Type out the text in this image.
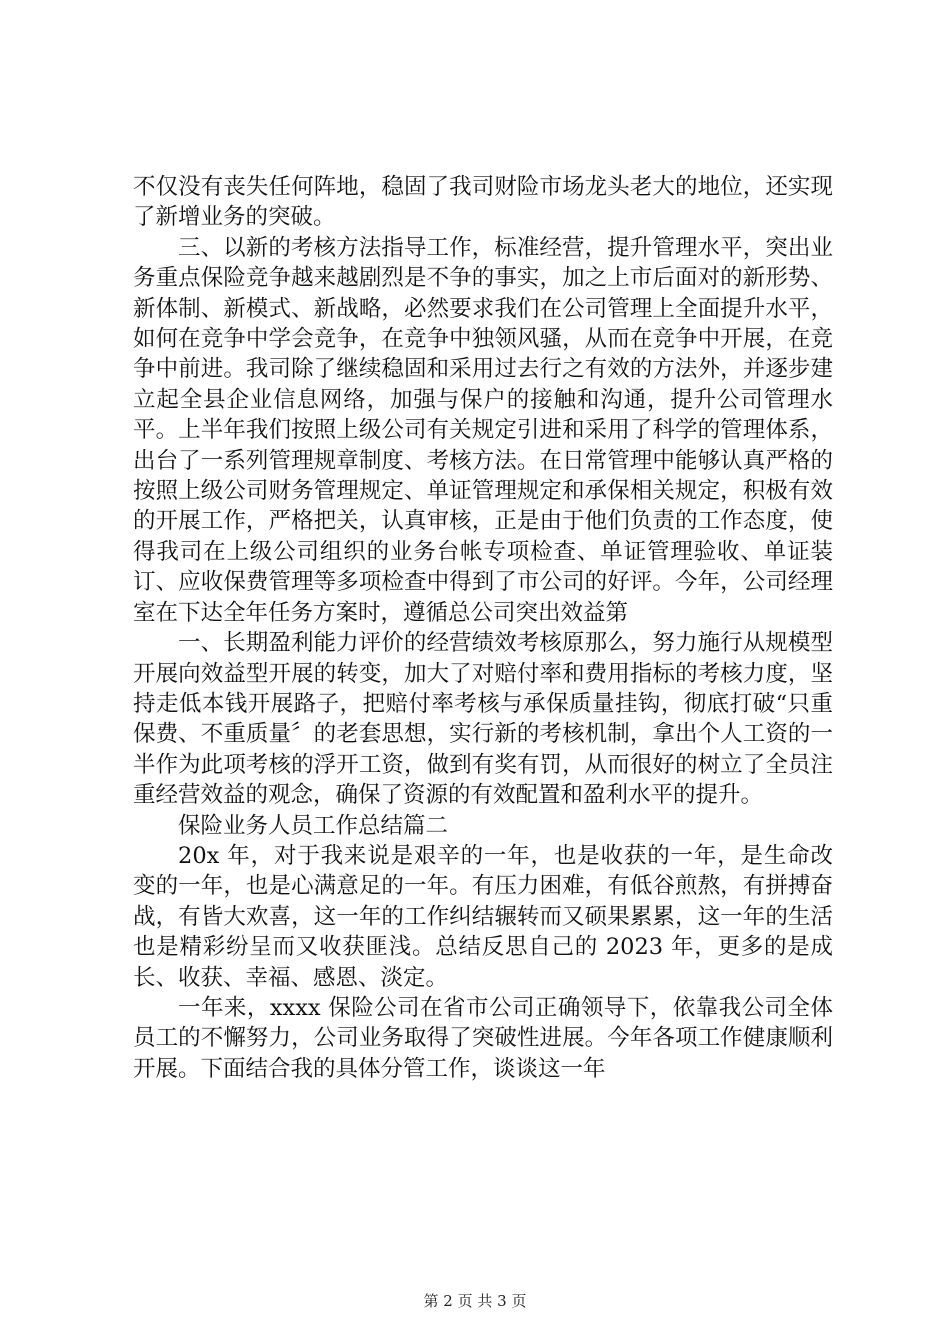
不仅没有丧失任何阵地，稳固了我司财险市场龙头老大的地位，还实现了新增业务的突破。

三、以新的考核方法指导工作，标准经营，提升管理水平，突出业务重点保险竞争越来越剧烈是不争的事实，加之上市后面对的新形势、新体制、新模式、新战略，必然要求我们在公司管理上全面提升水平，如何在竞争中学会竞争，在竞争中独领风骚，从而在竞争中开展，在竞争中前进。我司除了继续稳固和采用过去行之有效的方法外，并逐步建立起全县企业信息网络，加强与保户的接触和沟通，提升公司管理水平。上半年我们按照上级公司有关规定引进和采用了科学的管理体系，出台了一系列管理规章制度、考核方法。在日常管理中能够认真严格的按照上级公司财务管理规定、单证管理规定和承保相关规定，积极有效的开展工作，严格把关，认真审核，正是由于他们负责的工作态度，使得我司在上级公司组织的业务台帐专项检查、单证管理验收、单证装订、应收保费管理等多项检查中得到了市公司的好评。今年，公司经理室在下达全年任务方案时，遵循总公司突出效益第

一、长期盈利能力评价的经营绩效考核原那么，努力施行从规模型开展向效益型开展的转变，加大了对赔付率和费用指标的考核力度，坚持走低本钱开展路子，把赔付率考核与承保质量挂钩，彻底打破“只重保费、不重质量〞的老套思想，实行新的考核机制，拿出个人工资的一半作为此项考核的浮开工资，做到有奖有罚，从而很好的树立了全员注重经营效益的观念，确保了资源的有效配置和盈利水平的提升。

保险业务人员工作总结篇二

20x 年，对于我来说是艰辛的一年，也是收获的一年，是生命改变的一年，也是心满意足的一年。有压力困难，有低谷煎熬，有拼搏奋战，有皆大欢喜，这一年的工作纠结辗转而又硕果累累，这一年的生活也是精彩纷呈而又收获匪浅。总结反思自己的 2023 年，更多的是成长、收获、幸福、感恩、淡定。

一年来，xxxx 保险公司在省市公司正确领导下，依靠我公司全体员工的不懈努力，公司业务取得了突破性进展。今年各项工作健康顺利开展。下面结合我的具体分管工作，谈谈这一年

第 2 页 共 3 页
